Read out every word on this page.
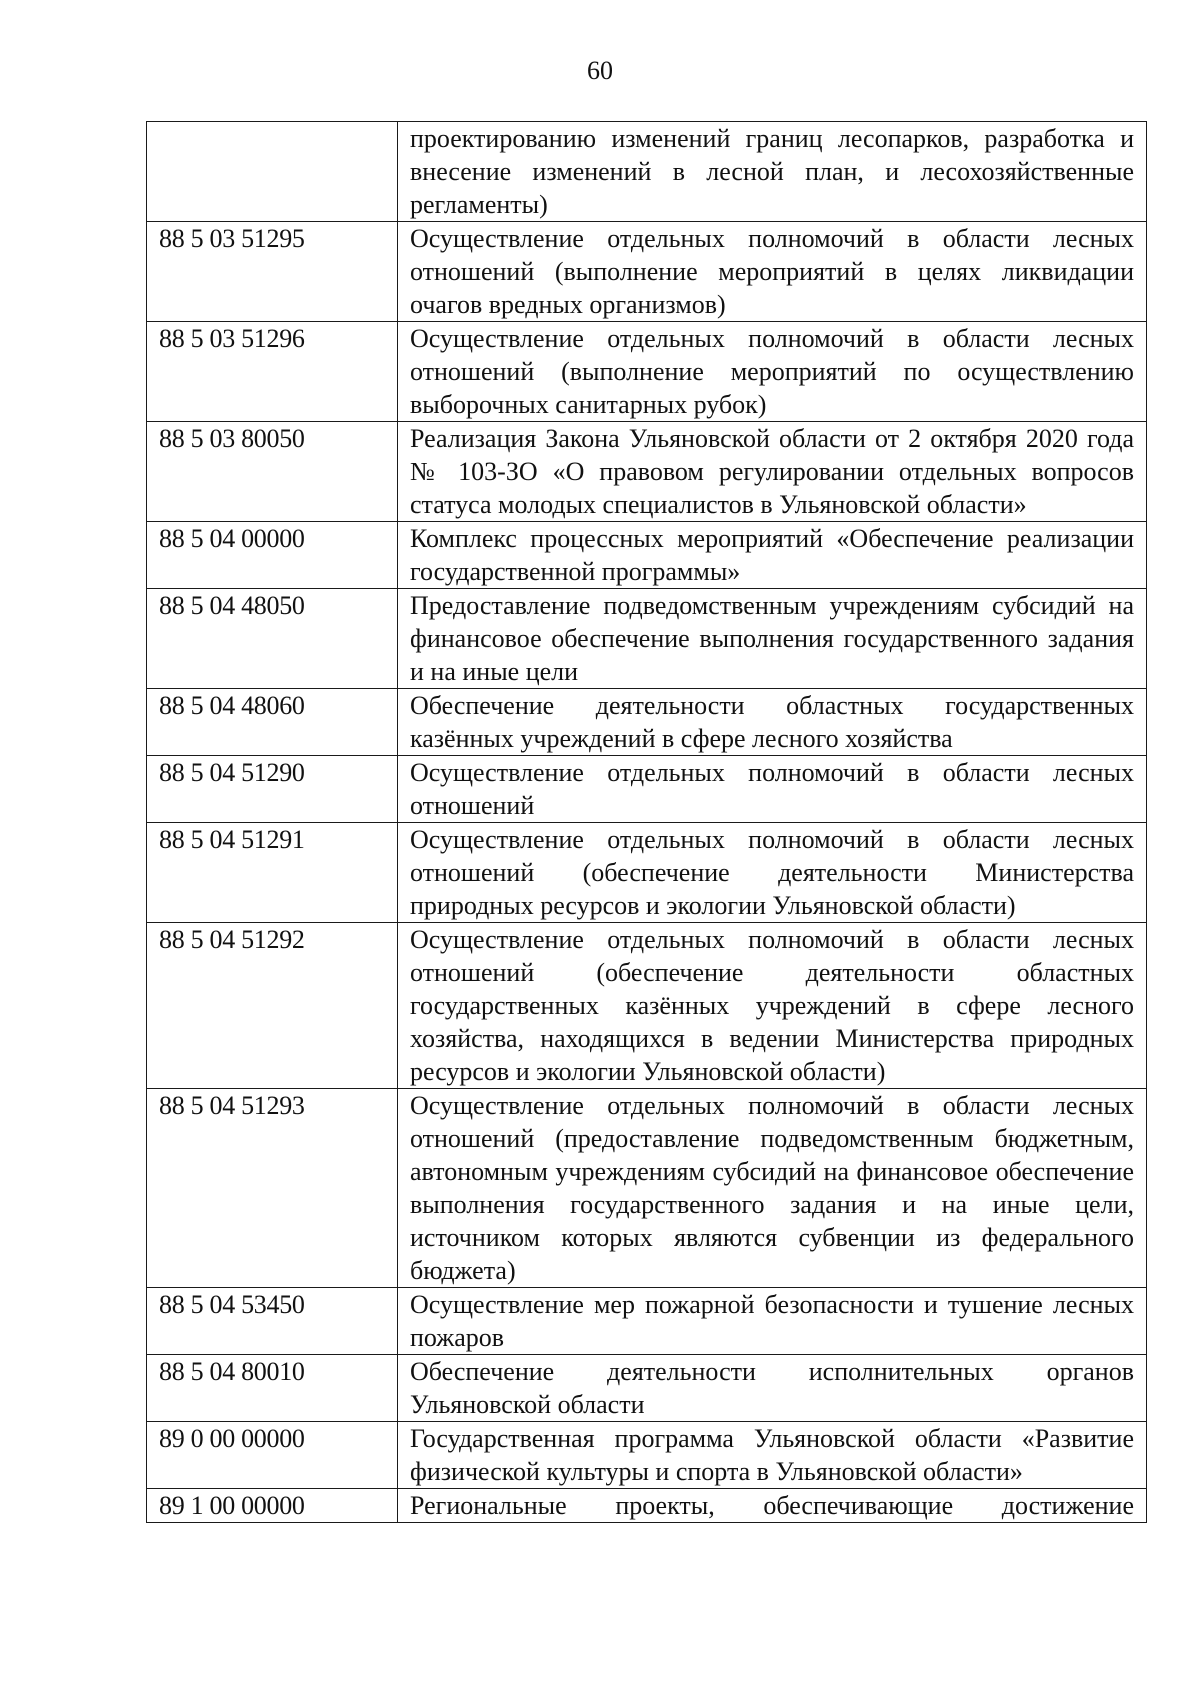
60
	проектированию изменений границ лесопарков, разработка и внесение изменений в лесной план, и лесохозяйственные регламенты)
88 5 03 51295	Осуществление отдельных полномочий в области лесных отношений (выполнение мероприятий в целях ликвидации очагов вредных организмов)
88 5 03 51296	Осуществление отдельных полномочий в области лесных отношений (выполнение мероприятий по осуществлению выборочных санитарных рубок)
88 5 03 80050	Реализация Закона Ульяновской области от 2 октября 2020 года № 103-ЗО «О правовом регулировании отдельных вопросов статуса молодых специалистов в Ульяновской области»
88 5 04 00000	Комплекс процессных мероприятий «Обеспечение реализации государственной программы»
88 5 04 48050	Предоставление подведомственным учреждениям субсидий на финансовое обеспечение выполнения государственного задания и на иные цели
88 5 04 48060	Обеспечение деятельности областных государственных казённых учреждений в сфере лесного хозяйства
88 5 04 51290	Осуществление отдельных полномочий в области лесных отношений
88 5 04 51291	Осуществление отдельных полномочий в области лесных отношений (обеспечение деятельности Министерства природных ресурсов и экологии Ульяновской области)
88 5 04 51292	Осуществление отдельных полномочий в области лесных отношений (обеспечение деятельности областных государственных казённых учреждений в сфере лесного хозяйства, находящихся в ведении Министерства природных ресурсов и экологии Ульяновской области)
88 5 04 51293	Осуществление отдельных полномочий в области лесных отношений (предоставление подведомственным бюджетным, автономным учреждениям субсидий на финансовое обеспечение выполнения государственного задания и на иные цели, источником которых являются субвенции из федерального бюджета)
88 5 04 53450	Осуществление мер пожарной безопасности и тушение лесных пожаров
88 5 04 80010	Обеспечение деятельности исполнительных органов Ульяновской области
89 0 00 00000	Государственная программа Ульяновской области «Развитие физической культуры и спорта в Ульяновской области»
89 1 00 00000	Региональные проекты, обеспечивающие достижение
